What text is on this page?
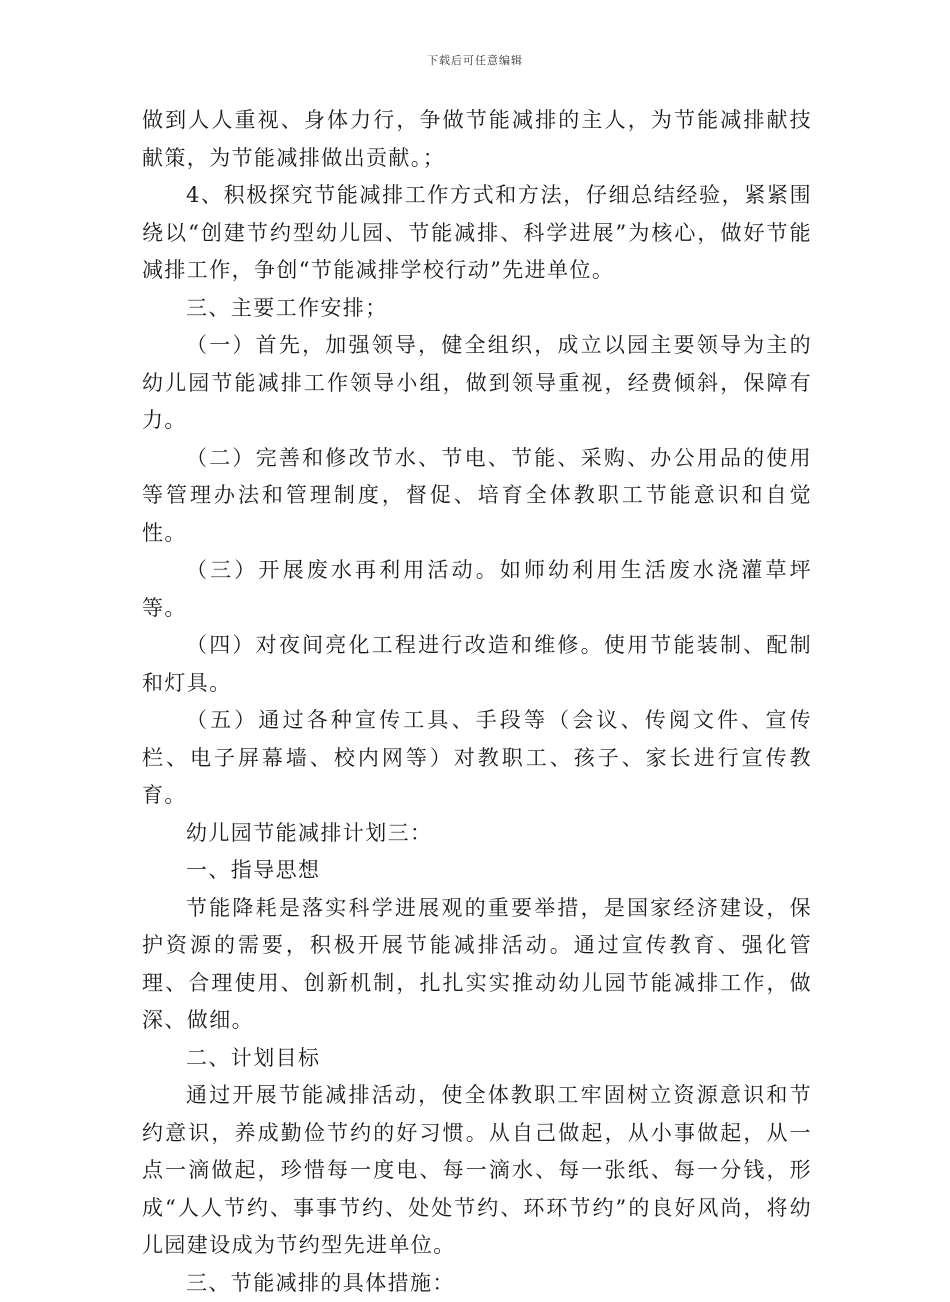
下载后可任意编辑

做到人人重视、身体力行，争做节能减排的主人，为节能减排献技献策，为节能减排做出贡献。；

4、积极探究节能减排工作方式和方法，仔细总结经验，紧紧围绕以“创建节约型幼儿园、节能减排、科学进展”为核心，做好节能减排工作，争创“节能减排学校行动”先进单位。

三、主要工作安排；

（一）首先，加强领导，健全组织，成立以园主要领导为主的幼儿园节能减排工作领导小组，做到领导重视，经费倾斜，保障有力。

（二）完善和修改节水、节电、节能、采购、办公用品的使用等管理办法和管理制度，督促、培育全体教职工节能意识和自觉性。

（三）开展废水再利用活动。如师幼利用生活废水浇灌草坪等。

（四）对夜间亮化工程进行改造和维修。使用节能装制、配制和灯具。

（五）通过各种宣传工具、手段等（会议、传阅文件、宣传栏、电子屏幕墙、校内网等）对教职工、孩子、家长进行宣传教育。

幼儿园节能减排计划三：

一、指导思想

节能降耗是落实科学进展观的重要举措，是国家经济建设，保护资源的需要，积极开展节能减排活动。通过宣传教育、强化管理、合理使用、创新机制，扎扎实实推动幼儿园节能减排工作，做深、做细。

二、计划目标

通过开展节能减排活动，使全体教职工牢固树立资源意识和节约意识，养成勤俭节约的好习惯。从自己做起，从小事做起，从一点一滴做起，珍惜每一度电、每一滴水、每一张纸、每一分钱，形成“人人节约、事事节约、处处节约、环环节约”的良好风尚，将幼儿园建设成为节约型先进单位。

三、节能减排的具体措施：
